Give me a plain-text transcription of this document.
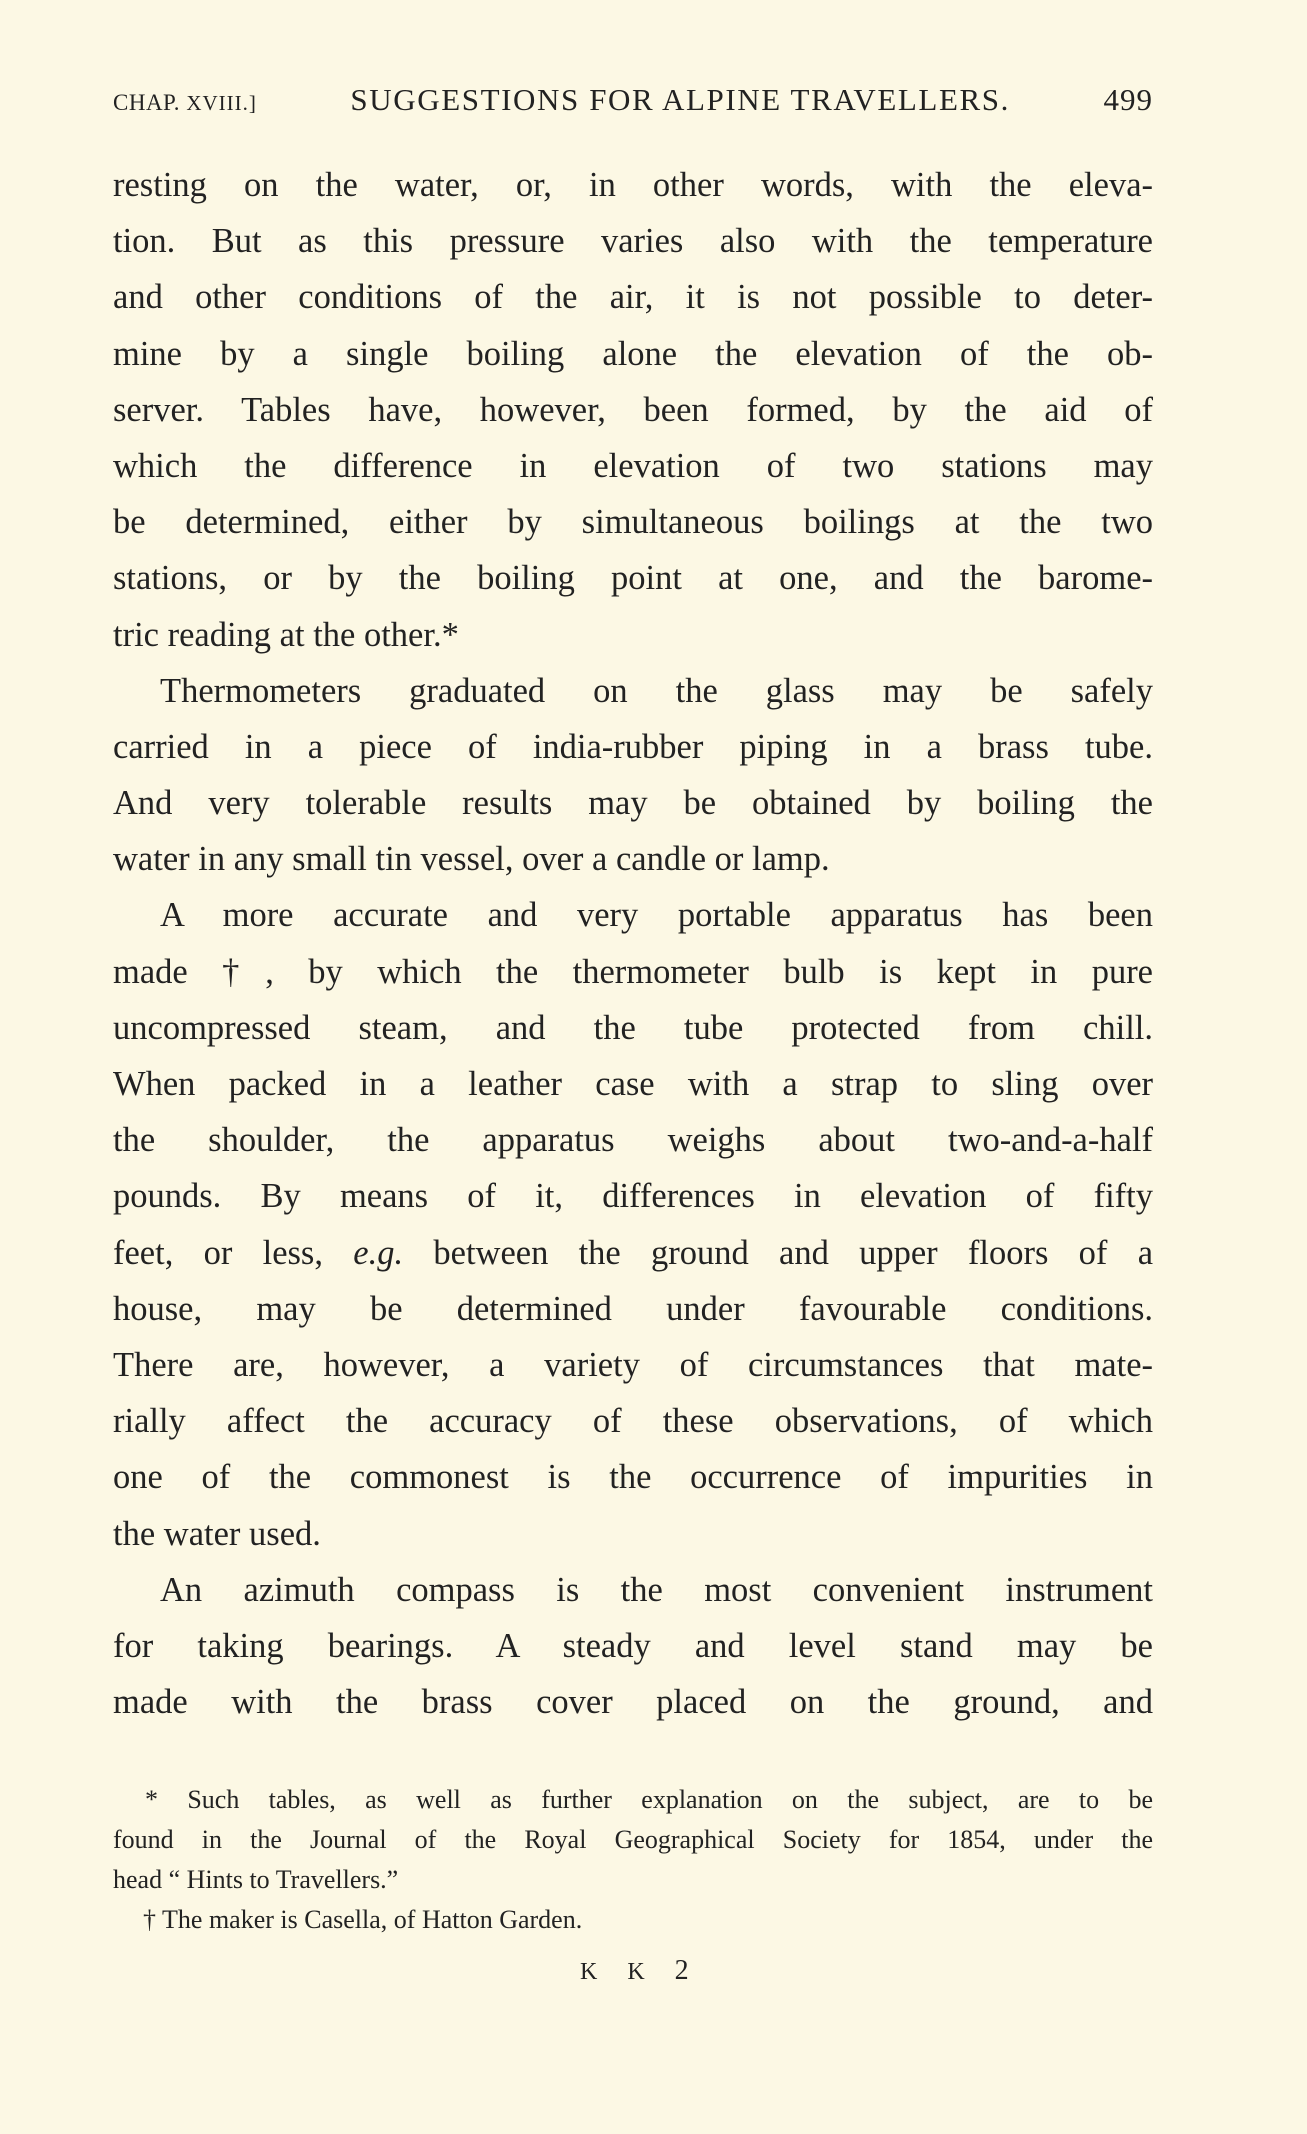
CHAP. XVIII.]	SUGGESTIONS FOR ALPINE TRAVELLERS.	499
resting on the water, or, in other words, with the eleva-
tion. But as this pressure varies also with the temperature
and other conditions of the air, it is not possible to deter-
mine by a single boiling alone the elevation of the ob-
server. Tables have, however, been formed, by the aid of
which the difference in elevation of two stations may
be determined, either by simultaneous boilings at the two
stations, or by the boiling point at one, and the barome-
tric reading at the other.*
Thermometers graduated on the glass may be safely
carried in a piece of india-rubber piping in a brass tube.
And very tolerable results may be obtained by boiling the
water in any small tin vessel, over a candle or lamp.
A more accurate and very portable apparatus has been
made †, by which the thermometer bulb is kept in pure
uncompressed steam, and the tube protected from chill.
When packed in a leather case with a strap to sling over
the shoulder, the apparatus weighs about two-and-a-half
pounds. By means of it, differences in elevation of fifty
feet, or less, e.g. between the ground and upper floors of a
house, may be determined under favourable conditions.
There are, however, a variety of circumstances that mate-
rially affect the accuracy of these observations, of which
one of the commonest is the occurrence of impurities in
the water used.
An azimuth compass is the most convenient instrument
for taking bearings. A steady and level stand may be
made with the brass cover placed on the ground, and
* Such tables, as well as further explanation on the subject, are to be
found in the Journal of the Royal Geographical Society for 1854, under the
head “ Hints to Travellers.”
† The maker is Casella, of Hatton Garden.
K K 2
